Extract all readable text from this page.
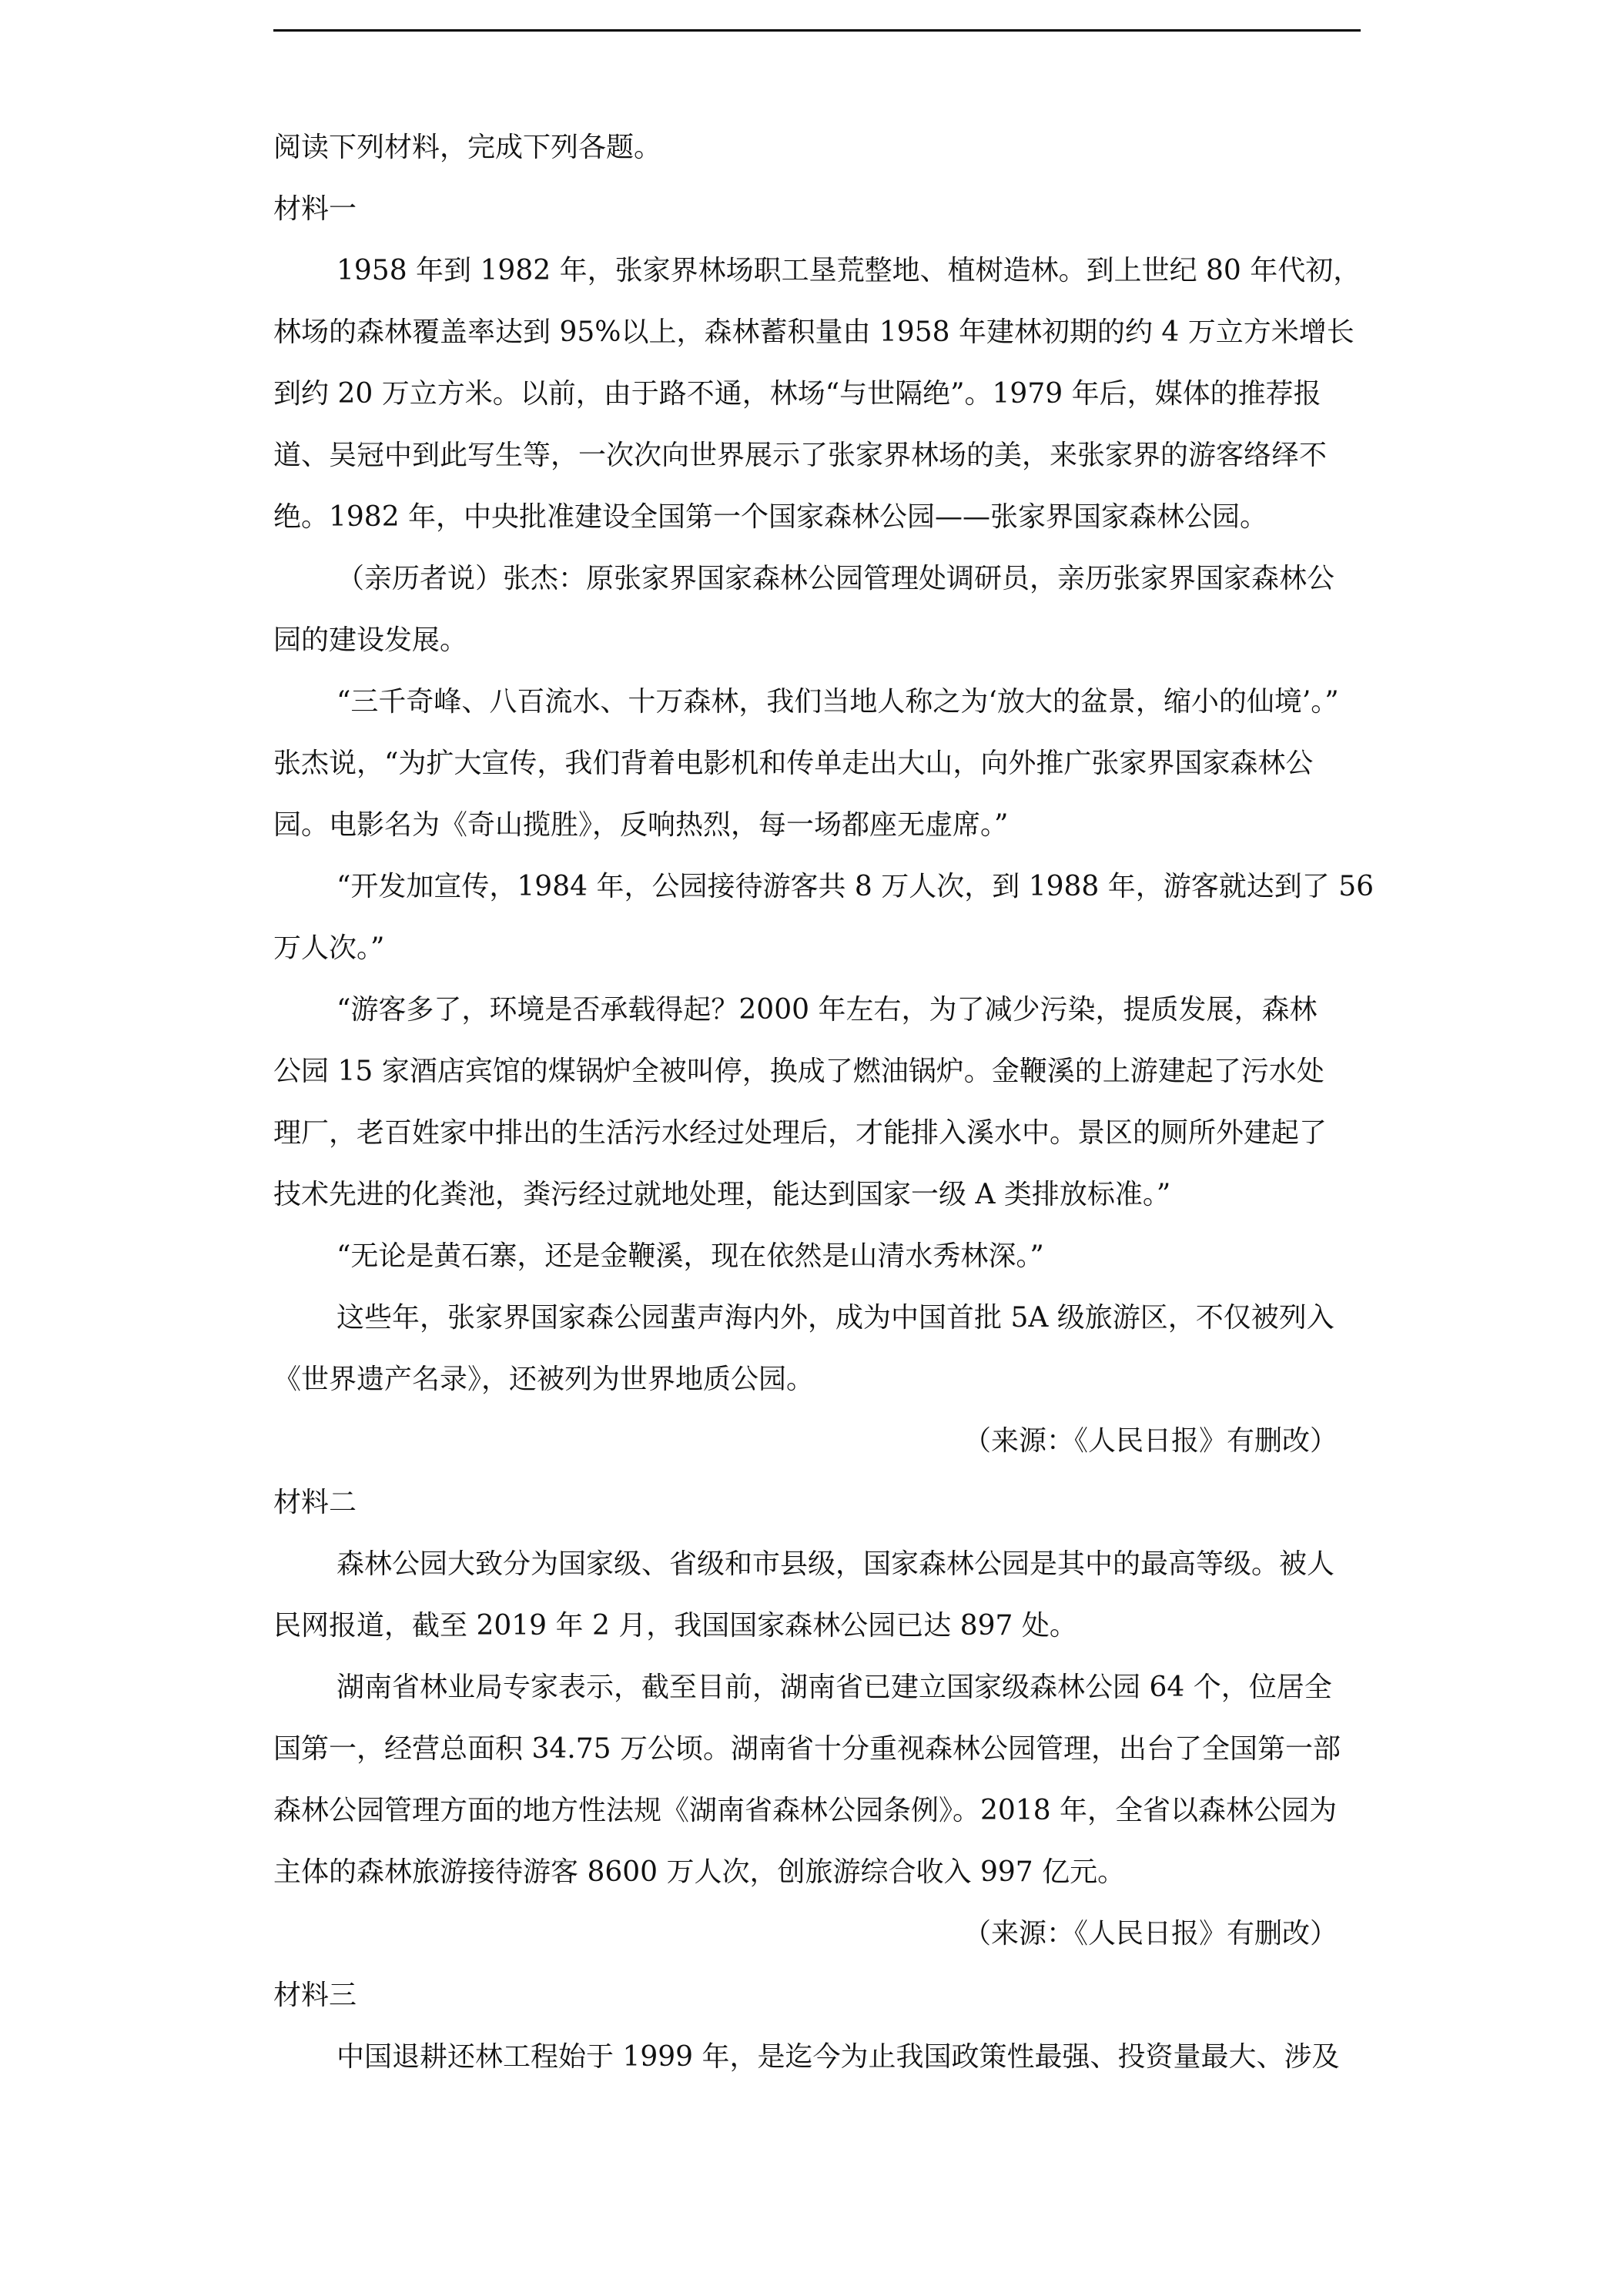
阅读下列材料，完成下列各题。
材料一
1958 年到 1982 年，张家界林场职工垦荒整地、植树造林。到上世纪 80 年代初，
林场的森林覆盖率达到 95%以上，森林蓄积量由 1958 年建林初期的约 4 万立方米增长
到约 20 万立方米。以前，由于路不通，林场“与世隔绝”。1979 年后，媒体的推荐报
道、吴冠中到此写生等，一次次向世界展示了张家界林场的美，来张家界的游客络绎不
绝。1982 年，中央批准建设全国第一个国家森林公园——张家界国家森林公园。
（亲历者说）张杰：原张家界国家森林公园管理处调研员，亲历张家界国家森林公
园的建设发展。
“三千奇峰、八百流水、十万森林，我们当地人称之为‘放大的盆景，缩小的仙境’。”
张杰说，“为扩大宣传，我们背着电影机和传单走出大山，向外推广张家界国家森林公
园。电影名为《奇山揽胜》，反响热烈，每一场都座无虚席。”
“开发加宣传，1984 年，公园接待游客共 8 万人次，到 1988 年，游客就达到了 56
万人次。”
“游客多了，环境是否承载得起？2000 年左右，为了减少污染，提质发展，森林
公园 15 家酒店宾馆的煤锅炉全被叫停，换成了燃油锅炉。金鞭溪的上游建起了污水处
理厂，老百姓家中排出的生活污水经过处理后，才能排入溪水中。景区的厕所外建起了
技术先进的化粪池，粪污经过就地处理，能达到国家一级 A 类排放标准。”
“无论是黄石寨，还是金鞭溪，现在依然是山清水秀林深。”
这些年，张家界国家森公园蜚声海内外，成为中国首批 5A 级旅游区，不仅被列入
《世界遗产名录》，还被列为世界地质公园。
（来源：《人民日报》有删改）
材料二
森林公园大致分为国家级、省级和市县级，国家森林公园是其中的最高等级。被人
民网报道，截至 2019 年 2 月，我国国家森林公园已达 897 处。
湖南省林业局专家表示，截至目前，湖南省已建立国家级森林公园 64 个，位居全
国第一，经营总面积 34.75 万公顷。湖南省十分重视森林公园管理，出台了全国第一部
森林公园管理方面的地方性法规《湖南省森林公园条例》。2018 年，全省以森林公园为
主体的森林旅游接待游客 8600 万人次，创旅游综合收入 997 亿元。
（来源：《人民日报》有删改）
材料三
中国退耕还林工程始于 1999 年，是迄今为止我国政策性最强、投资量最大、涉及
